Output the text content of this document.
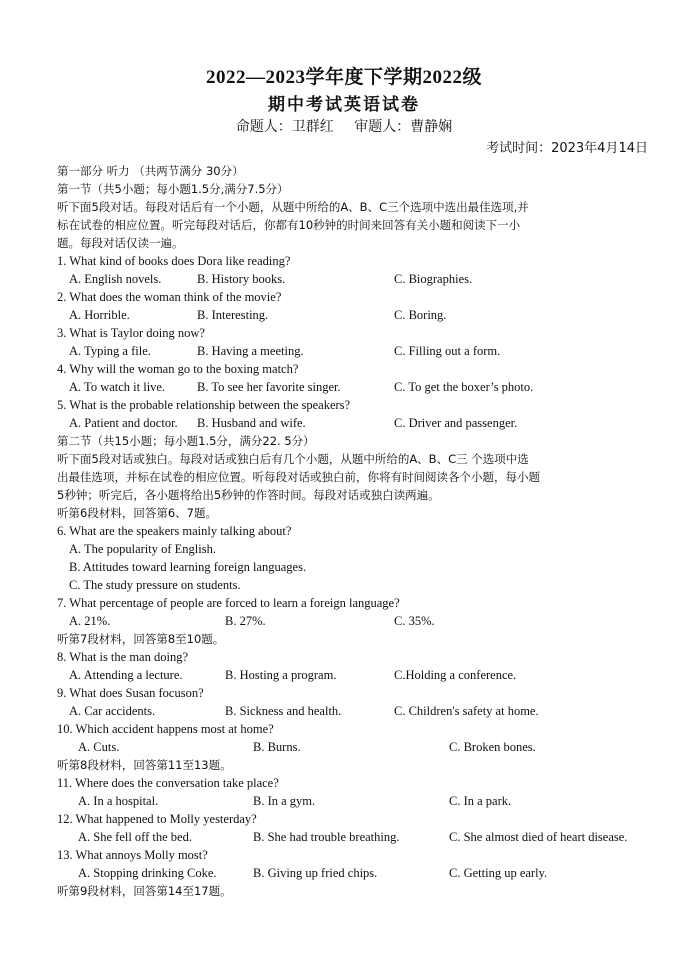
2022—2023学年度下学期2022级
期中考试英语试卷
命题人：卫群红 审题人：曹静娴
考试时间：2023年4月14日
第一部分 听力 （共两节满分 30分）
第一节（共5小题；每小题1.5分,满分7.5分）
听下面5段对话。每段对话后有一个小题，从题中所给的A、B、C三个选项中选出最佳选项,并
标在试卷的相应位置。听完每段对话后，你都有10秒钟的时间来回答有关小题和阅读下一小
题。每段对话仅读一遍。
1. What kind of books does Dora like reading?
A. English novels.	B. History books.	C. Biographies.
2. What does the woman think of the movie?
A. Horrible.	B. Interesting.	C. Boring.
3. What is Taylor doing now?
A. Typing a file.	B. Having a meeting.	C. Filling out a form.
4. Why will the woman go to the boxing match?
A. To watch it live.	B. To see her favorite singer.	C. To get the boxer’s photo.
5. What is the probable relationship between the speakers?
A. Patient and doctor. B. Husband and wife.	C. Driver and passenger.
第二节（共15小题；每小题1.5分，满分22. 5分）
听下面5段对话或独白。每段对话或独白后有几个小题，从题中所给的A、B、C三 个选项中选
出最佳选项，并标在试卷的相应位置。听每段对话或独白前，你将有时间阅读各个小题，每小题
5秒钟；听完后，各小题将给出5秒钟的作答时间。每段对话或独白读两遍。
听第6段材料，回答第6、7题。
6. What are the speakers mainly talking about?
A. The popularity of English.
B. Attitudes toward learning foreign languages.
C. The study pressure on students.
7. What percentage of people are forced to learn a foreign language?
A. 21%.	B. 27%.	C. 35%.
听第7段材料，回答第8至10题。
8. What is the man doing?
A. Attending a lecture.	B. Hosting a program.	C.Holding a conference.
9. What does Susan focuson?
A. Car accidents.	B. Sickness and health.	C. Children's safety at home.
10. Which accident happens most at home?
A. Cuts.	B. Burns.	C. Broken bones.
听第8段材料，回答第11至13题。
11. Where does the conversation take place?
A. In a hospital.	B. In a gym.	C. In a park.
12. What happened to Molly yesterday?
A. She fell off the bed.	B. She had trouble breathing.	C. She almost died of heart disease.
13. What annoys Molly most?
A. Stopping drinking Coke.	B. Giving up fried chips.	C. Getting up early.
听第9段材料，回答第14至17题。
